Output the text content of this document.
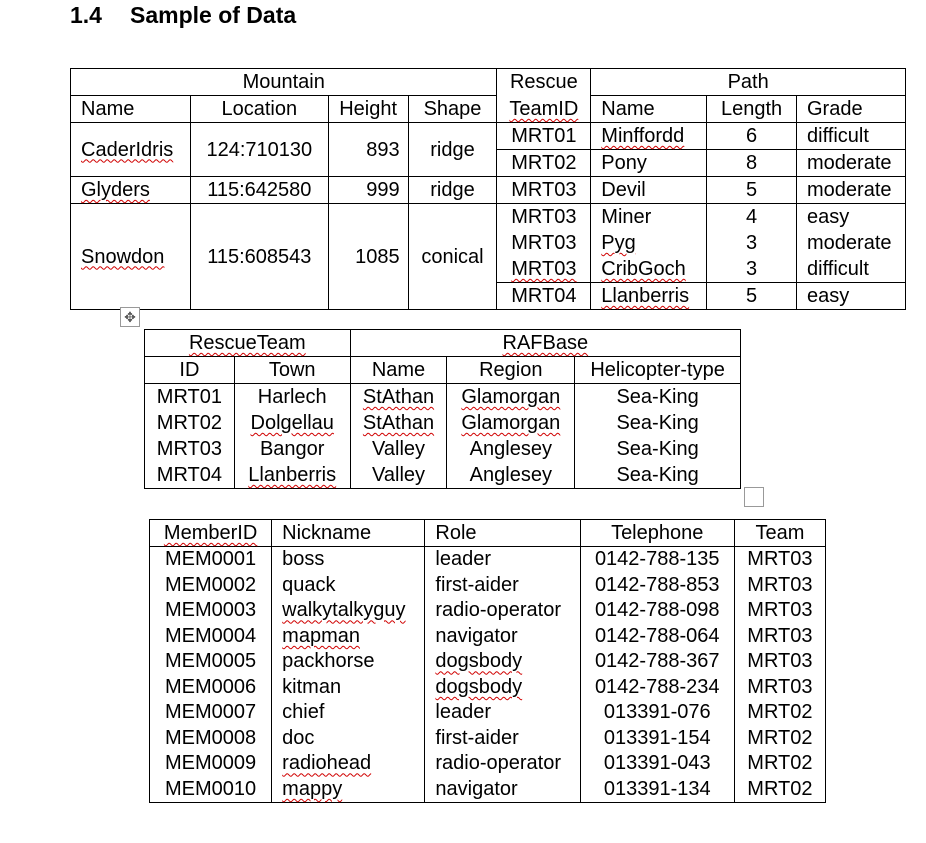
1.4 Sample of Data
Mountain				Rescue	Path		
Name	Location	Height	Shape	TeamID	Name	Length	Grade
CaderIdris	124:710130	893	ridge	MRT01	Minffordd	6	difficult
				MRT02	Pony	8	moderate
Glyders	115:642580	999	ridge	MRT03	Devil	5	moderate
Snowdon	115:608543	1085	conical	MRT03	Miner	4	easy
				MRT03	Pyg	3	moderate
				MRT03	CribGoch	3	difficult
				MRT04	Llanberris	5	easy
✥
RescueTeam		RAFBase		
ID	Town	Name	Region	Helicopter-type
MRT01	Harlech	StAthan	Glamorgan	Sea-King
MRT02	Dolgellau	StAthan	Glamorgan	Sea-King
MRT03	Bangor	Valley	Anglesey	Sea-King
MRT04	Llanberris	Valley	Anglesey	Sea-King
MemberID	Nickname	Role	Telephone	Team
MEM0001	boss	leader	0142-788-135	MRT03
MEM0002	quack	first-aider	0142-788-853	MRT03
MEM0003	walkytalkyguy	radio-operator	0142-788-098	MRT03
MEM0004	mapman	navigator	0142-788-064	MRT03
MEM0005	packhorse	dogsbody	0142-788-367	MRT03
MEM0006	kitman	dogsbody	0142-788-234	MRT03
MEM0007	chief	leader	013391-076	MRT02
MEM0008	doc	first-aider	013391-154	MRT02
MEM0009	radiohead	radio-operator	013391-043	MRT02
MEM0010	mappy	navigator	013391-134	MRT02
